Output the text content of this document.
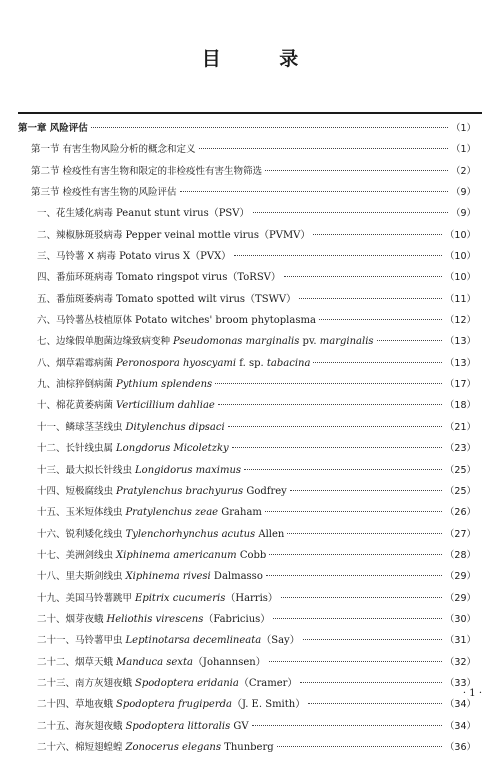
目 录
第一章 风险评估	（1）
第一节 有害生物风险分析的概念和定义	（1）
第二节 检疫性有害生物和限定的非检疫性有害生物筛选	（2）
第三节 检疫性有害生物的风险评估	（9）
一、花生矮化病毒 Peanut stunt virus（PSV）	（9）
二、辣椒脉斑驳病毒 Pepper veinal mottle virus（PVMV）	（10）
三、马铃薯 X 病毒 Potato virus X（PVX）	（10）
四、番茄环斑病毒 Tomato ringspot virus（ToRSV）	（10）
五、番茄斑萎病毒 Tomato spotted wilt virus（TSWV）	（11）
六、马铃薯丛枝植原体 Potato witches' broom phytoplasma	（12）
七、边缘假单胞菌边缘致病变种 Pseudomonas marginalis pv. marginalis	（13）
八、烟草霜霉病菌 Peronospora hyoscyami f. sp. tabacina	（13）
九、油棕猝倒病菌 Pythium splendens	（17）
十、棉花黄萎病菌 Verticillium dahliae	（18）
十一、鳞球茎茎线虫 Ditylenchus dipsaci	（21）
十二、长针线虫属 Longdorus Micoletzky	（23）
十三、最大拟长针线虫 Longidorus maximus	（25）
十四、短极腐线虫 Pratylenchus brachyurus Godfrey	（25）
十五、玉米短体线虫 Pratylenchus zeae Graham	（26）
十六、锐利矮化线虫 Tylenchorhynchus acutus Allen	（27）
十七、美洲剑线虫 Xiphinema americanum Cobb	（28）
十八、里夫斯剑线虫 Xiphinema rivesi Dalmasso	（29）
十九、美国马铃薯跳甲 Epitrix cucumeris（Harris）	（29）
二十、烟芽夜蛾 Heliothis virescens（Fabricius）	（30）
二十一、马铃薯甲虫 Leptinotarsa decemlineata（Say）	（31）
二十二、烟草天蛾 Manduca sexta（Johannsen）	（32）
二十三、南方灰翅夜蛾 Spodoptera eridania（Cramer）	（33）
二十四、草地夜蛾 Spodoptera frugiperda（J. E. Smith）	（34）
二十五、海灰翅夜蛾 Spodoptera littoralis GV	（34）
二十六、棉短翅蝗蝗 Zonocerus elegans Thunberg	（36）
· 1 ·
